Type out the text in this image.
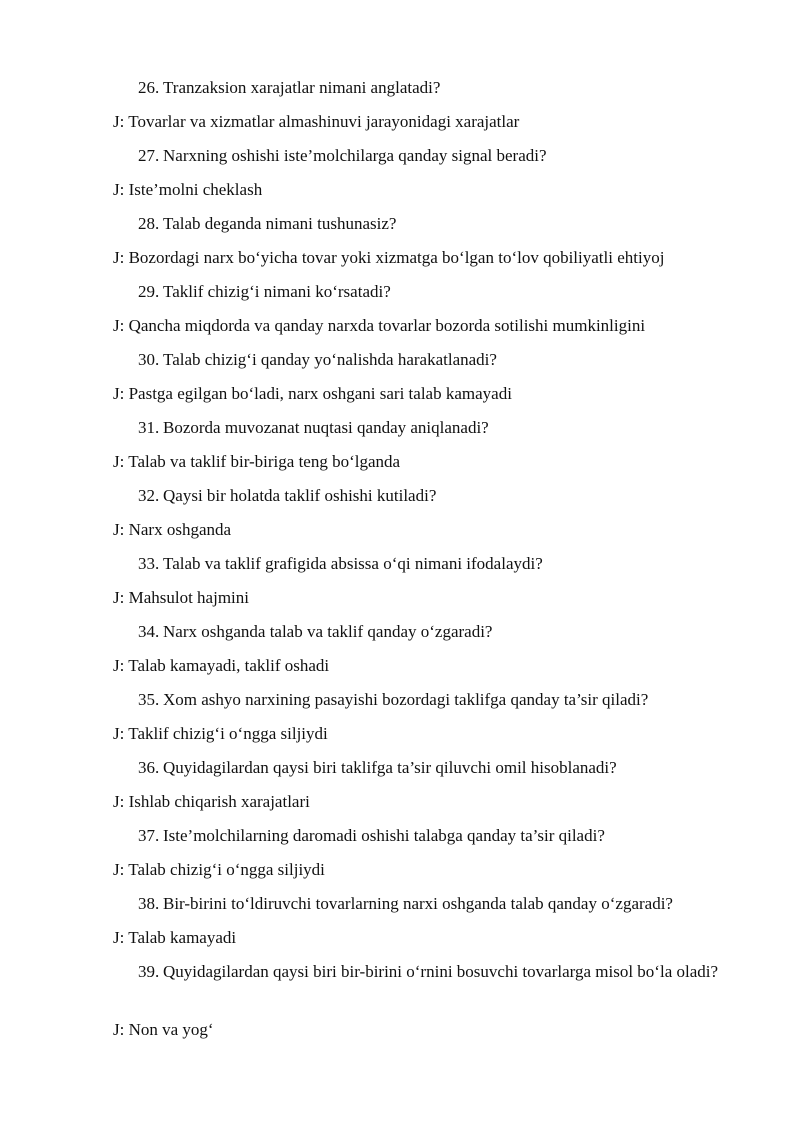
26. Tranzaksion xarajatlar nimani anglatadi?
J: Tovarlar va xizmatlar almashinuvi jarayonidagi xarajatlar
27. Narxning oshishi iste’molchilarga qanday signal beradi?
J: Iste’molni cheklash
28. Talab deganda nimani tushunasiz?
J: Bozordagi narx bo‘yicha tovar yoki xizmatga bo‘lgan to‘lov qobiliyatli ehtiyoj
29. Taklif chizig‘i nimani ko‘rsatadi?
J: Qancha miqdorda va qanday narxda tovarlar bozorda sotilishi mumkinligini
30. Talab chizig‘i qanday yo‘nalishda harakatlanadi?
J: Pastga egilgan bo‘ladi, narx oshgani sari talab kamayadi
31. Bozorda muvozanat nuqtasi qanday aniqlanadi?
J: Talab va taklif bir-biriga teng bo‘lganda
32. Qaysi bir holatda taklif oshishi kutiladi?
J: Narx oshganda
33. Talab va taklif grafigida absissa o‘qi nimani ifodalaydi?
J: Mahsulot hajmini
34. Narx oshganda talab va taklif qanday o‘zgaradi?
J: Talab kamayadi, taklif oshadi
35. Xom ashyo narxining pasayishi bozordagi taklifga qanday ta’sir qiladi?
J: Taklif chizig‘i o‘ngga siljiydi
36. Quyidagilardan qaysi biri taklifga ta’sir qiluvchi omil hisoblanadi?
J: Ishlab chiqarish xarajatlari
37. Iste’molchilarning daromadi oshishi talabga qanday ta’sir qiladi?
J: Talab chizig‘i o‘ngga siljiydi
38. Bir-birini to‘ldiruvchi tovarlarning narxi oshganda talab qanday o‘zgaradi?
J: Talab kamayadi
39. Quyidagilardan qaysi biri bir-birini o‘rnini bosuvchi tovarlarga misol bo‘la oladi?
J: Non va yog‘
